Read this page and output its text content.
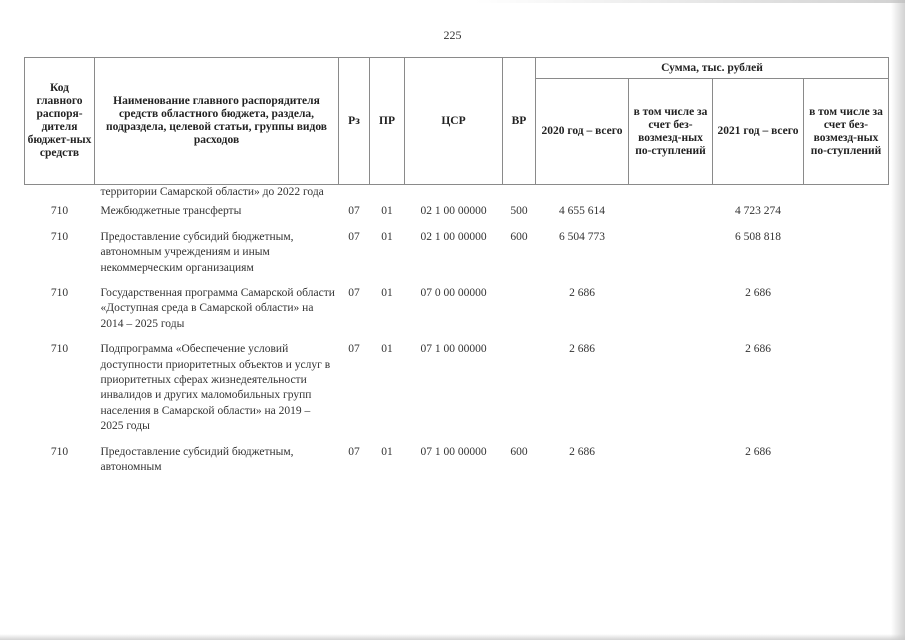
225
Код главного распоря-дителя бюджет-ных средств	Наименование главного распорядителя средств областного бюджета, раздела, подраздела, целевой статьи, группы видов расходов	Рз	ПР	ЦСР	ВР	Сумма, тыс. рублей			
						2020 год – всего	в том числе за счет без-возмезд-ных по-ступлений	2021 год – всего	в том числе за счет без-возмезд-ных по-ступлений
	территории Самарской области» до 2022 года								
710	Межбюджетные трансферты	07	01	02 1 00 00000	500	4 655 614		4 723 274	
710	Предоставление субсидий бюджетным, автономным учреждениям и иным некоммерческим организациям	07	01	02 1 00 00000	600	6 504 773		6 508 818	
710	Государственная программа Самарской области «Доступная среда в Самарской области» на 2014 – 2025 годы	07	01	07 0 00 00000		2 686		2 686	
710	Подпрограмма «Обеспечение условий доступности приоритетных объектов и услуг в приоритетных сферах жизнедеятельности инвалидов и других маломобильных групп населения в Самарской области» на 2019 – 2025 годы	07	01	07 1 00 00000		2 686		2 686	
710	Предоставление субсидий бюджетным, автономным	07	01	07 1 00 00000	600	2 686		2 686	
